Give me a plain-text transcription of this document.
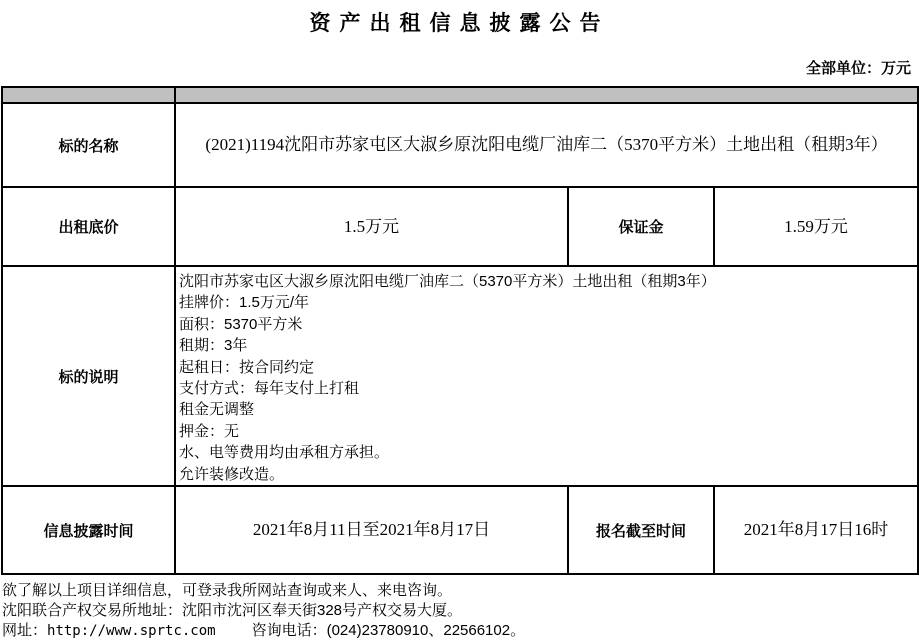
资产出租信息披露公告
全部单位：万元

标的名称	(2021)1194沈阳市苏家屯区大淑乡原沈阳电缆厂油库二（5370平方米）土地出租（租期3年）		
出租底价	1.5万元	保证金	1.59万元
标的说明	
沈阳市苏家屯区大淑乡原沈阳电缆厂油库二（5370平方米）土地出租（租期3年）
挂牌价：1.5万元/年
面积：5370平方米
租期：3年
起租日：按合同约定
支付方式：每年支付上打租
租金无调整
押金：无
水、电等费用均由承租方承担。
允许装修改造。

信息披露时间	2021年8月11日至2021年8月17日	报名截至时间	2021年8月17日16时
欲了解以上项目详细信息，可登录我所网站查询或来人、来电咨询。
沈阳联合产权交易所地址：沈阳市沈河区奉天街328号产权交易大厦。
网址：http://www.sprtc.com 咨询电话：(024)23780910、22566102。
